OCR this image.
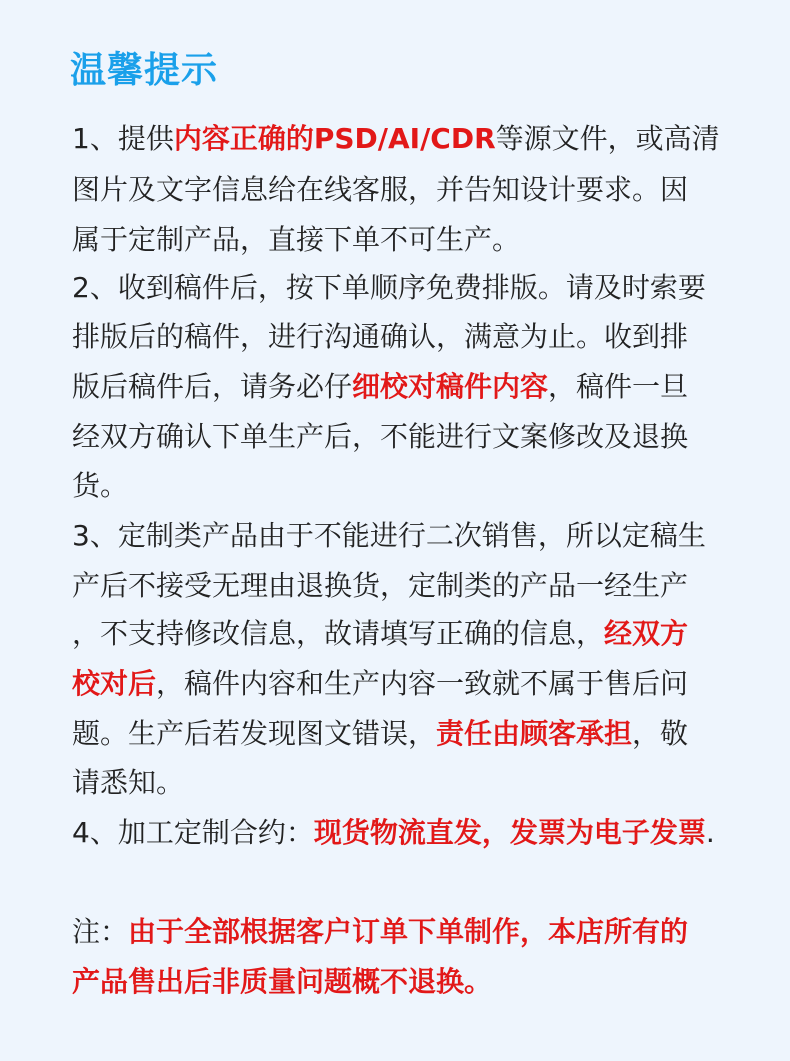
温馨提示
1、提供内容正确的PSD/AI/CDR等源文件，或高清
图片及文字信息给在线客服，并告知设计要求。因
属于定制产品，直接下单不可生产。
2、收到稿件后，按下单顺序免费排版。请及时索要
排版后的稿件，进行沟通确认，满意为止。收到排
版后稿件后，请务必仔细校对稿件内容，稿件一旦
经双方确认下单生产后，不能进行文案修改及退换
货。
3、定制类产品由于不能进行二次销售，所以定稿生
产后不接受无理由退换货，定制类的产品一经生产
，不支持修改信息，故请填写正确的信息，经双方
校对后，稿件内容和生产内容一致就不属于售后问
题。生产后若发现图文错误，责任由顾客承担，敬
请悉知。
4、加工定制合约：现货物流直发，发票为电子发票.
注：由于全部根据客户订单下单制作，本店所有的
产品售出后非质量问题概不退换。
